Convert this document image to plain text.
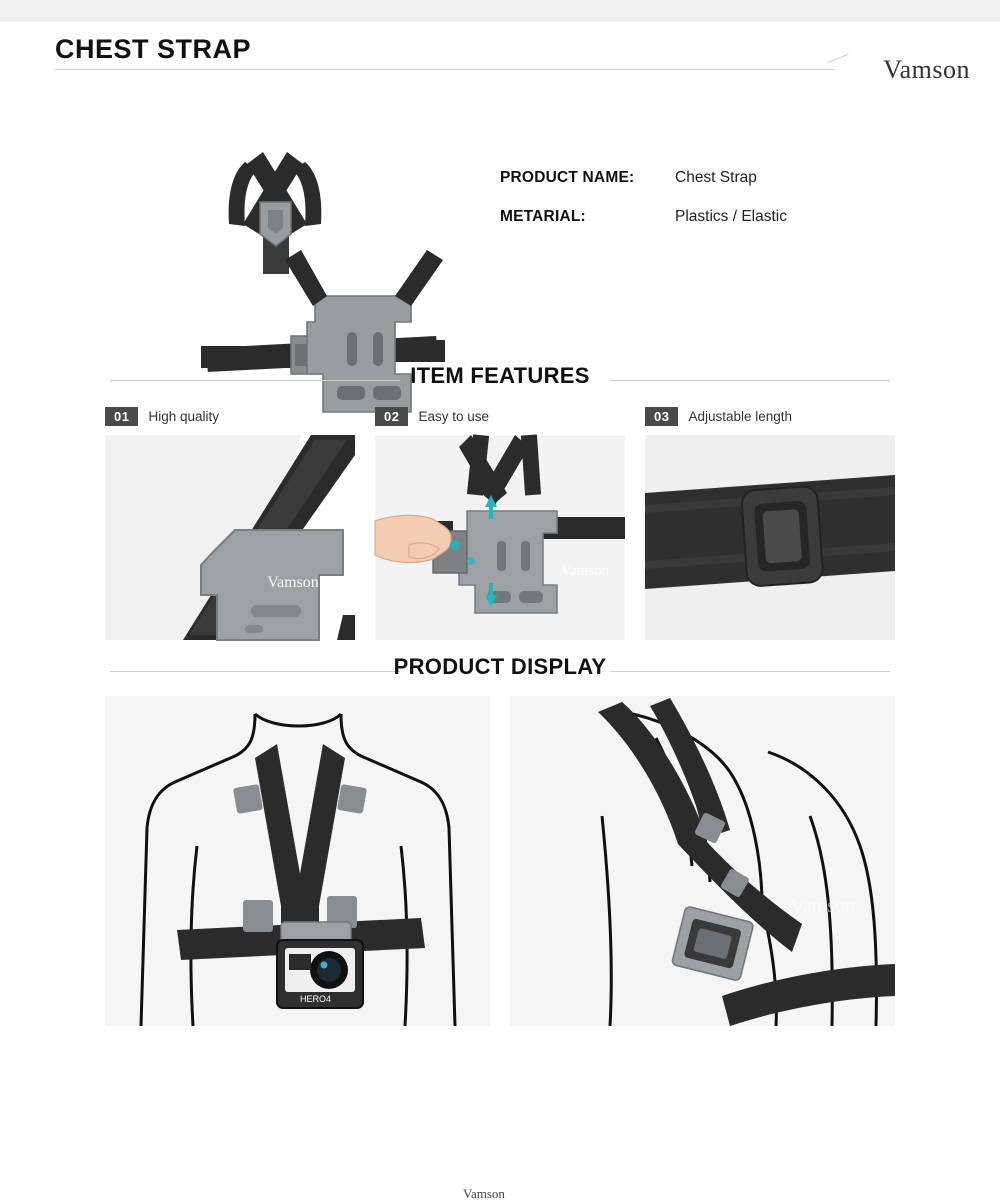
CHEST STRAP
Vamson
PRODUCT NAME:	Chest Strap
METARIAL:	Plastics / Elastic
ITEM FEATURES
01	High quality
Vamson
02	Easy to use
Vamson
03	Adjustable length
PRODUCT DISPLAY
HERO4
Vamson
Vamson
